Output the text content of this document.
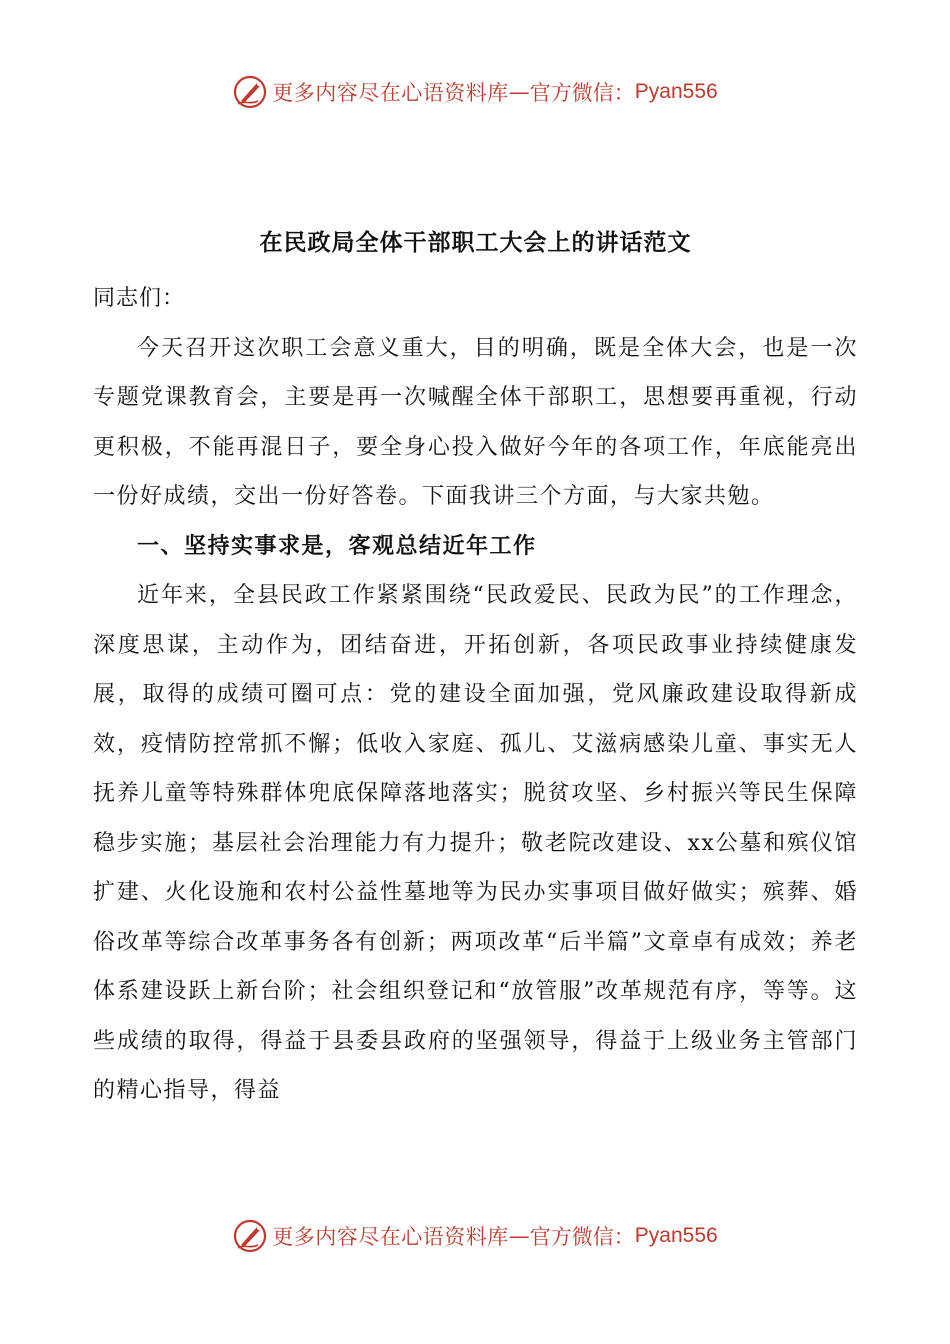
更多内容尽在心语资料库 — 官方微信： Pyan556
在民政局全体干部职工大会上的讲话范文

同志们：

今天召开这次职工会意义重大，目的明确，既是全体大会，也是一次专题党课教育会，主要是再一次喊醒全体干部职工，思想要再重视，行动更积极，不能再混日子，要全身心投入做好今年的各项工作，年底能亮出一份好成绩，交出一份好答卷。下面我讲三个方面，与大家共勉。

一、坚持实事求是，客观总结近年工作

近年来，全县民政工作紧紧围绕“民政爱民、民政为民”的工作理念，深度思谋，主动作为，团结奋进，开拓创新，各项民政事业持续健康发展，取得的成绩可圈可点：党的建设全面加强，党风廉政建设取得新成效，疫情防控常抓不懈；低收入家庭、孤儿、艾滋病感染儿童、事实无人抚养儿童等特殊群体兜底保障落地落实；脱贫攻坚、乡村振兴等民生保障稳步实施；基层社会治理能力有力提升；敬老院改建设、xx公墓和殡仪馆扩建、火化设施和农村公益性墓地等为民办实事项目做好做实；殡葬、婚俗改革等综合改革事务各有创新；两项改革“后半篇”文章卓有成效；养老体系建设跃上新台阶；社会组织登记和“放管服”改革规范有序，等等。这些成绩的取得，得益于县委县政府的坚强领导，得益于上级业务主管部门的精心指导，得益

更多内容尽在心语资料库 — 官方微信： Pyan556
